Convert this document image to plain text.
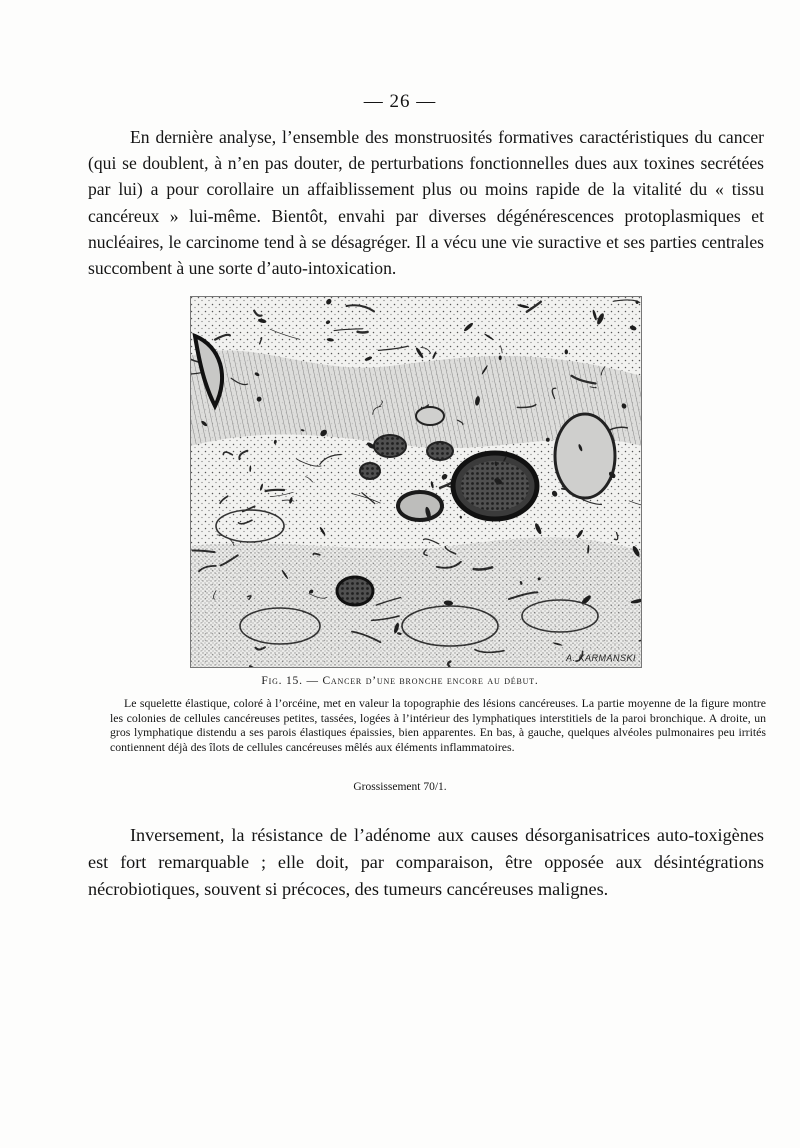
— 26 —

En dernière analyse, l’ensemble des monstruosités formatives caractéristiques du cancer (qui se doublent, à n’en pas douter, de perturbations fonctionnelles dues aux toxines secrétées par lui) a pour corollaire un affaiblissement plus ou moins rapide de la vitalité du « tissu cancéreux » lui-même. Bientôt, envahi par diverses dégénérescences protoplasmiques et nucléaires, le carcinome tend à se désagréger. Il a vécu une vie suractive et ses parties centrales succombent à une sorte d’auto-intoxication.

A. KARMANSKI
Fig. 15. — Cancer d’une bronche encore au début.

Le squelette élastique, coloré à l’orcéine, met en valeur la topographie des lésions cancéreuses. La partie moyenne de la figure montre les colonies de cellules cancéreuses petites, tassées, logées à l’intérieur des lymphatiques interstitiels de la paroi bronchique. A droite, un gros lymphatique distendu a ses parois élastiques épaissies, bien apparentes. En bas, à gauche, quelques alvéoles pulmonaires peu irrités contiennent déjà des îlots de cellules cancéreuses mêlés aux éléments inflammatoires.

Grossissement 70/1.

Inversement, la résistance de l’adénome aux causes désorganisatrices auto-toxigènes est fort remarquable ; elle doit, par comparaison, être opposée aux désintégrations nécrobiotiques, souvent si précoces, des tumeurs cancéreuses malignes.
